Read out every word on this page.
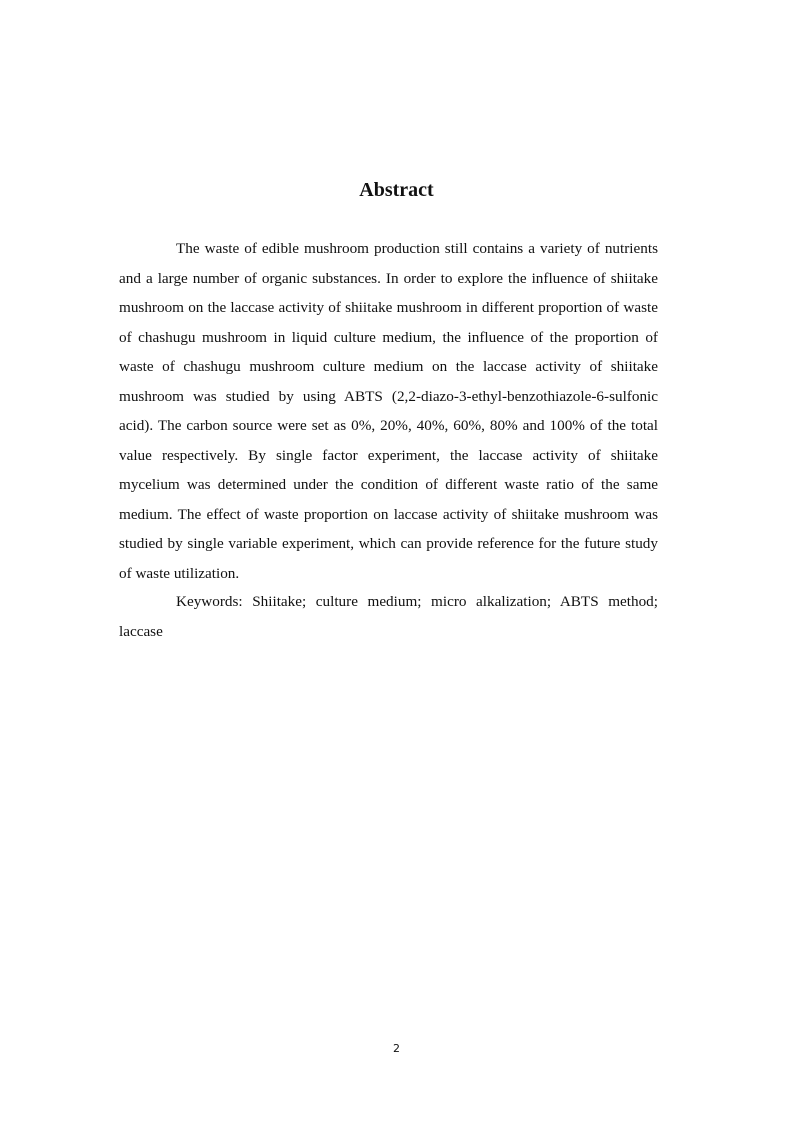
Abstract

The waste of edible mushroom production still contains a variety of nutrients and a large number of organic substances. In order to explore the influence of shiitake mushroom on the laccase activity of shiitake mushroom in different proportion of waste of chashugu mushroom in liquid culture medium, the influence of the proportion of waste of chashugu mushroom culture medium on the laccase activity of shiitake mushroom was studied by using ABTS (2,2-diazo-3-ethyl-benzothiazole-6-sulfonic acid). The carbon source were set as 0%, 20%, 40%, 60%, 80% and 100% of the total value respectively. By single factor experiment, the laccase activity of shiitake mycelium was determined under the condition of different waste ratio of the same medium. The effect of waste proportion on laccase activity of shiitake mushroom was studied by single variable experiment, which can provide reference for the future study of waste utilization.

Keywords: Shiitake; culture medium; micro alkalization; ABTS method; laccase

2
